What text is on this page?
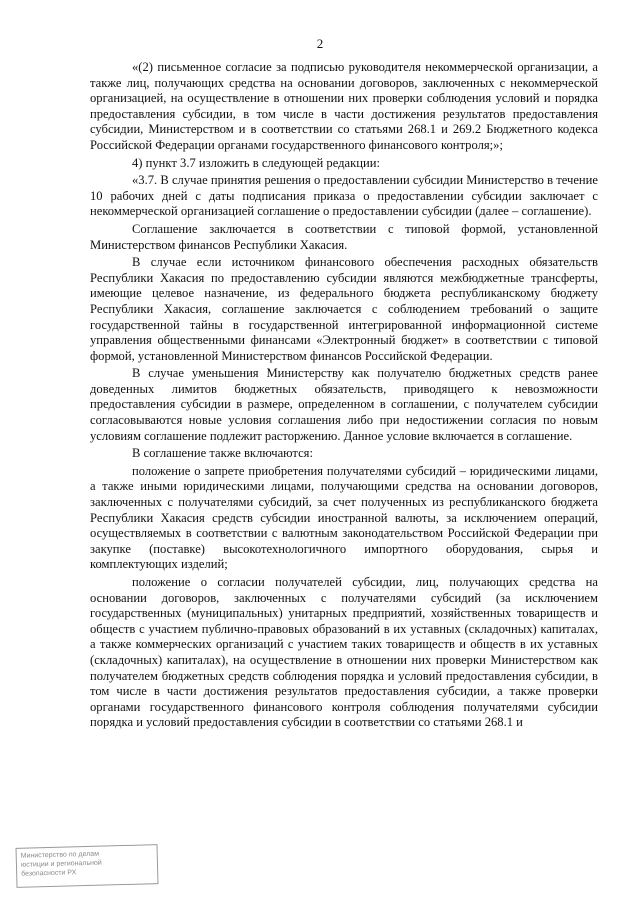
2

«(2) письменное согласие за подписью руководителя некоммерческой организации, а также лиц, получающих средства на основании договоров, заключенных с некоммерческой организацией, на осуществление в отношении них проверки соблюдения условий и порядка предоставления субсидии, в том числе в части достижения результатов предоставления субсидии, Министерством и в соответствии со статьями 268.1 и 269.2 Бюджетного кодекса Российской Федерации органами государственного финансового контроля;»;

4) пункт 3.7 изложить в следующей редакции:

«3.7. В случае принятия решения о предоставлении субсидии Министерство в течение 10 рабочих дней с даты подписания приказа о предоставлении субсидии заключает с некоммерческой организацией соглашение о предоставлении субсидии (далее – соглашение).

Соглашение заключается в соответствии с типовой формой, установленной Министерством финансов Республики Хакасия.

В случае если источником финансового обеспечения расходных обязательств Республики Хакасия по предоставлению субсидии являются межбюджетные трансферты, имеющие целевое назначение, из федерального бюджета республиканскому бюджету Республики Хакасия, соглашение заключается с соблюдением требований о защите государственной тайны в государственной интегрированной информационной системе управления общественными финансами «Электронный бюджет» в соответствии с типовой формой, установленной Министерством финансов Российской Федерации.

В случае уменьшения Министерству как получателю бюджетных средств ранее доведенных лимитов бюджетных обязательств, приводящего к невозможности предоставления субсидии в размере, определенном в соглашении, с получателем субсидии согласовываются новые условия соглашения либо при недостижении согласия по новым условиям соглашение подлежит расторжению. Данное условие включается в соглашение.

В соглашение также включаются:

положение о запрете приобретения получателями субсидий – юридическими лицами, а также иными юридическими лицами, получающими средства на основании договоров, заключенных с получателями субсидий, за счет полученных из республиканского бюджета Республики Хакасия средств субсидии иностранной валюты, за исключением операций, осуществляемых в соответствии с валютным законодательством Российской Федерации при закупке (поставке) высокотехнологичного импортного оборудования, сырья и комплектующих изделий;

положение о согласии получателей субсидии, лиц, получающих средства на основании договоров, заключенных с получателями субсидий (за исключением государственных (муниципальных) унитарных предприятий, хозяйственных товариществ и обществ с участием публично-правовых образований в их уставных (складочных) капиталах, а также коммерческих организаций с участием таких товариществ и обществ в их уставных (складочных) капиталах), на осуществление в отношении них проверки Министерством как получателем бюджетных средств соблюдения порядка и условий предоставления субсидии, в том числе в части достижения результатов предоставления субсидии, а также проверки органами государственного финансового контроля соблюдения получателями субсидии порядка и условий предоставления субсидии в соответствии со статьями 268.1 и

Министерство по делам
юстиции и региональной
безопасности РХ
